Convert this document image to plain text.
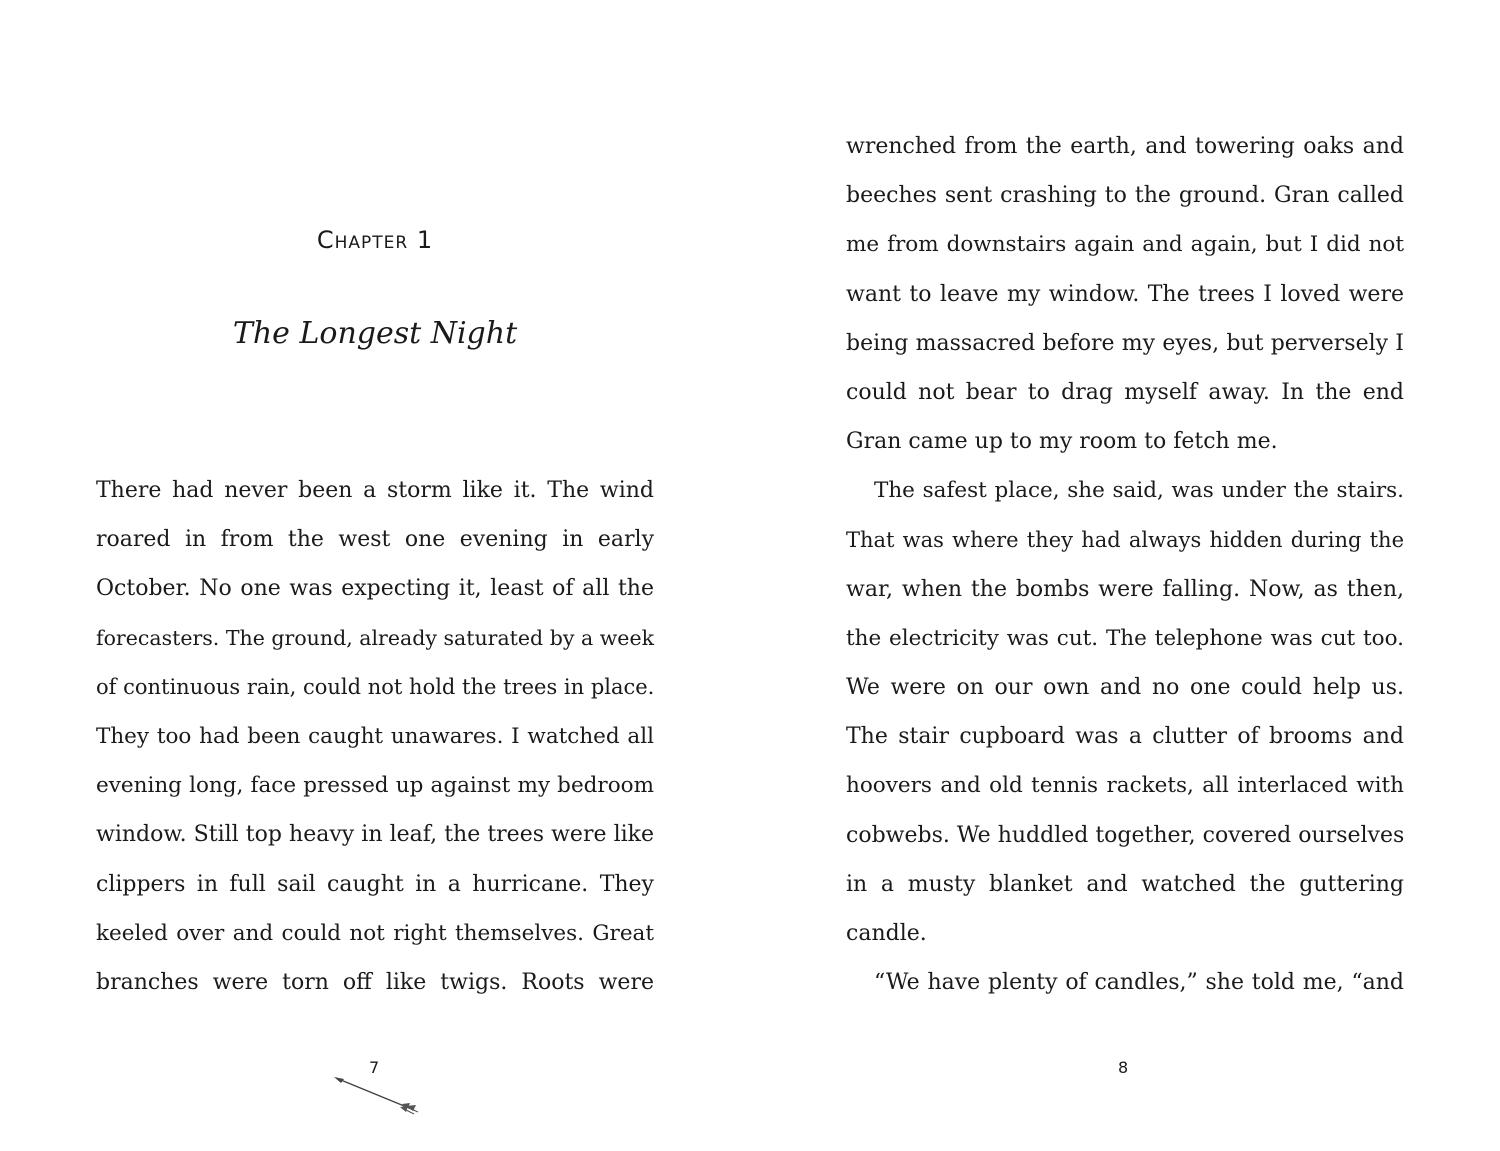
Chapter 1
The Longest Night
There had never been a storm like it. The wind
roared in from the west one evening in early
October. No one was expecting it, least of all the
forecasters. The ground, already saturated by a week
of continuous rain, could not hold the trees in place.
They too had been caught unawares. I watched all
evening long, face pressed up against my bedroom
window. Still top heavy in leaf, the trees were like
clippers in full sail caught in a hurricane. They
keeled over and could not right themselves. Great
branches were torn off like twigs. Roots were
7
wrenched from the earth, and towering oaks and
beeches sent crashing to the ground. Gran called
me from downstairs again and again, but I did not
want to leave my window. The trees I loved were
being massacred before my eyes, but perversely I
could not bear to drag myself away. In the end
Gran came up to my room to fetch me.
The safest place, she said, was under the stairs.
That was where they had always hidden during the
war, when the bombs were falling. Now, as then,
the electricity was cut. The telephone was cut too.
We were on our own and no one could help us.
The stair cupboard was a clutter of brooms and
hoovers and old tennis rackets, all interlaced with
cobwebs. We huddled together, covered ourselves
in a musty blanket and watched the guttering
candle.
“We have plenty of candles,” she told me, “and
8
